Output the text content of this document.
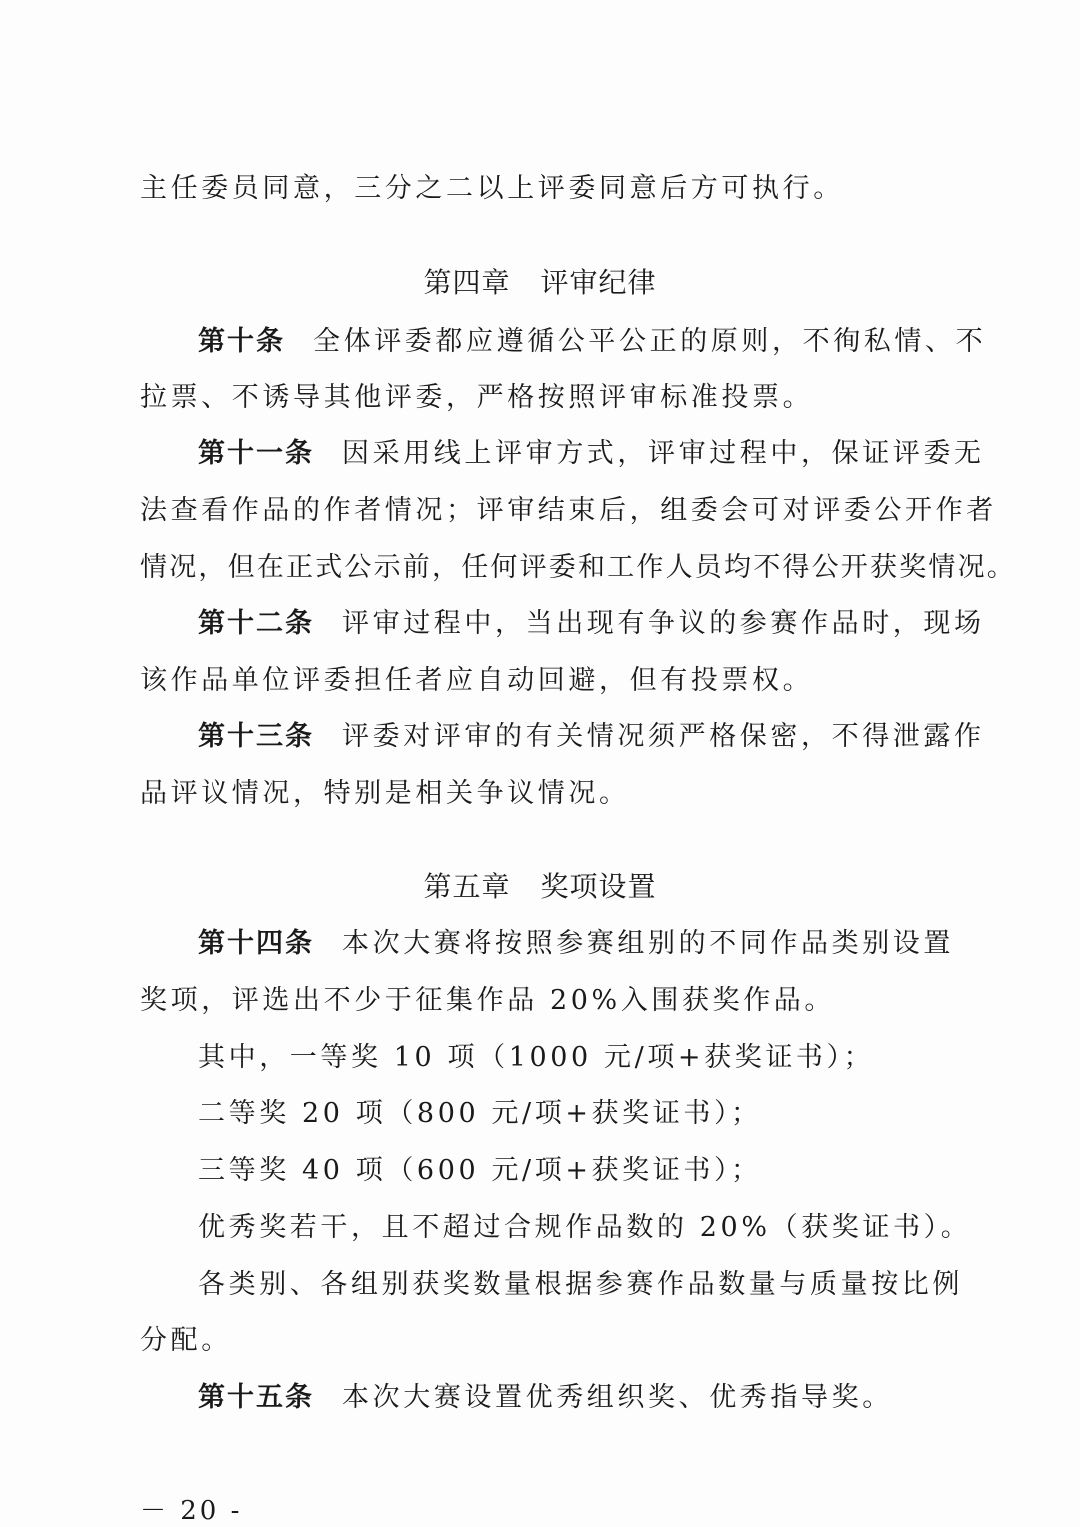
主任委员同意，三分之二以上评委同意后方可执行。
第四章 评审纪律
第十条 全体评委都应遵循公平公正的原则，不徇私情、不
拉票、不诱导其他评委，严格按照评审标准投票。
第十一条 因采用线上评审方式，评审过程中，保证评委无
法查看作品的作者情况；评审结束后，组委会可对评委公开作者
情况，但在正式公示前，任何评委和工作人员均不得公开获奖情况。
第十二条 评审过程中，当出现有争议的参赛作品时，现场
该作品单位评委担任者应自动回避，但有投票权。
第十三条 评委对评审的有关情况须严格保密，不得泄露作
品评议情况，特别是相关争议情况。
第五章 奖项设置
第十四条 本次大赛将按照参赛组别的不同作品类别设置
奖项，评选出不少于征集作品 20%入围获奖作品。
其中，一等奖 10 项（1000 元/项+获奖证书）；
二等奖 20 项（800 元/项+获奖证书）；
三等奖 40 项（600 元/项+获奖证书）；
优秀奖若干，且不超过合规作品数的 20%（获奖证书）。
各类别、各组别获奖数量根据参赛作品数量与质量按比例
分配。
第十五条 本次大赛设置优秀组织奖、优秀指导奖。
－ 20 -
